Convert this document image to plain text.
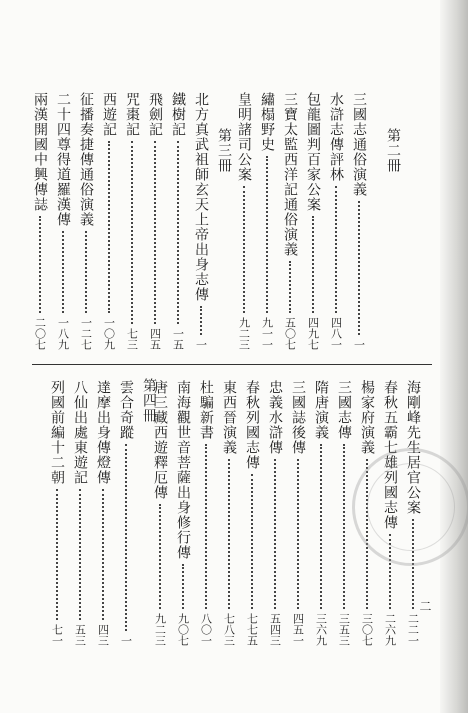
第二冊
第三冊
第四冊
三國志通俗演義
一
水滸志傳評林
四八一
包龍圖判百家公案
四九七
三寶太監西洋記通俗演義
五〇七
繡榻野史
九一一
皇明諸司公案
九二三
北方真武祖師玄天上帝出身志傳
一
鐵樹記
一五
飛劍記
四五
咒棗記
七三
西遊記
一〇九
征播奏捷傳通俗演義
一二七
二十四尊得道羅漢傳
一八九
兩漢開國中興傳誌
二〇七
海剛峰先生居官公案
二二一
春秋五霸七雄列國志傳
二六九
楊家府演義
三〇七
三國志傳
三五三
隋唐演義
三六九
三國誌後傳
四五一
忠義水滸傳
五四三
春秋列國志傳
七七五
東西晉演義
七八三
杜騙新書
八〇一
南海觀世音菩薩出身修行傳
九〇七
唐三藏西遊釋厄傳
九二三
雲合奇蹤
一
達摩出身傳燈傳
四三
八仙出處東遊記
五三
列國前編十二朝
七一
二
